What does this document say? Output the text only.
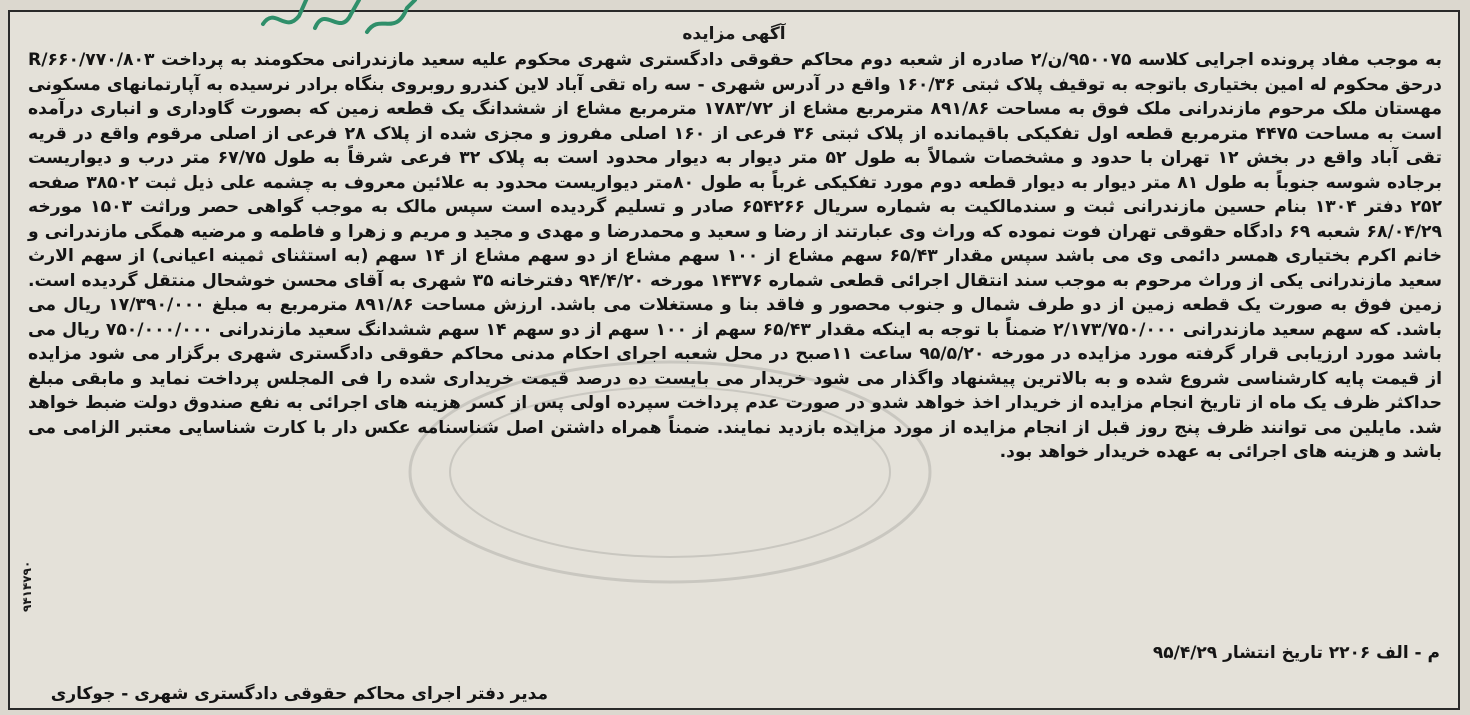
آگهی مزایده
به موجب مفاد پرونده اجرایی کلاسه ۹۵۰۰۷۵/ن/۲ صادره از شعبه دوم محاکم حقوقی دادگستری شهری محکوم علیه سعید مازندرانی محکومند به پرداخت ۶۶۰/۷۷۰/۸۰۳/R درحق محکوم له امین بختیاری باتوجه به توقیف پلاک ثبتی ۱۶۰/۳۶ واقع در آدرس شهری - سه راه تقی آباد لاین کندرو روبروی بنگاه برادر نرسیده به آپارتمانهای مسکونی مهستان ملک مرحوم مازندرانی ملک فوق به مساحت ۸۹۱/۸۶ مترمربع مشاع از ۱۷۸۳/۷۲ مترمربع مشاع از ششدانگ یک قطعه زمین که بصورت گاوداری و انباری درآمده است به مساحت ۴۴۷۵ مترمربع قطعه اول تفکیکی باقیمانده از پلاک ثبتی ۳۶ فرعی از ۱۶۰ اصلی مفروز و مجزی شده از پلاک ۲۸ فرعی از اصلی مرقوم واقع در قریه تقی آباد واقع در بخش ۱۲ تهران با حدود و مشخصات شمالاً به طول ۵۲ متر دیوار به دیوار محدود است به پلاک ۳۲ فرعی شرقاً به طول ۶۷/۷۵ متر درب و دیواریست برجاده شوسه جنوباً به طول ۸۱ متر دیوار به دیوار قطعه دوم مورد تفکیکی غرباً به طول ۸۰متر دیواریست محدود به علائین معروف به چشمه علی ذیل ثبت ۳۸۵۰۲ صفحه ۲۵۲ دفتر ۱۳۰۴ بنام حسین مازندرانی ثبت و سندمالکیت به شماره سریال ۶۵۴۲۶۶ صادر و تسلیم گردیده است سپس مالک به موجب گواهی حصر وراثت ۱۵۰۳ مورخه ۶۸/۰۴/۲۹ شعبه ۶۹ دادگاه حقوقی تهران فوت نموده که وراث وی عبارتند از رضا و سعید و محمدرضا و مهدی و مجید و مریم و زهرا و فاطمه و مرضیه همگی مازندرانی و خانم اکرم بختیاری همسر دائمی وی می باشد سپس مقدار ۶۵/۴۳ سهم مشاع از ۱۰۰ سهم مشاع از دو سهم مشاع از ۱۴ سهم (به استثنای ثمینه اعیانی) از سهم الارث سعید مازندرانی یکی از وراث مرحوم به موجب سند انتقال اجرائی قطعی شماره ۱۴۳۷۶ مورخه ۹۴/۴/۲۰ دفترخانه ۳۵ شهری به آقای محسن خوشحال منتقل گردیده است. زمین فوق به صورت یک قطعه زمین از دو طرف شمال و جنوب محصور و فاقد بنا و مستغلات می باشد. ارزش مساحت ۸۹۱/۸۶ مترمربع به مبلغ ۱۷/۳۹۰/۰۰۰ ریال می باشد. که سهم سعید مازندرانی ۲/۱۷۳/۷۵۰/۰۰۰ ضمناً با توجه به اینکه مقدار ۶۵/۴۳ سهم از ۱۰۰ سهم از دو سهم ۱۴ سهم ششدانگ سعید مازندرانی ۷۵۰/۰۰۰/۰۰۰ ریال می باشد مورد ارزیابی قرار گرفته مورد مزایده در مورخه ۹۵/۵/۲۰ ساعت ۱۱صبح در محل شعبه اجرای احکام مدنی محاکم حقوقی دادگستری شهری برگزار می شود مزایده از قیمت پایه کارشناسی شروع شده و به بالاترین پیشنهاد واگذار می شود خریدار می بایست ده درصد قیمت خریداری شده را فی المجلس پرداخت نماید و مابقی مبلغ حداکثر ظرف یک ماه از تاریخ انجام مزایده از خریدار اخذ خواهد شدو در صورت عدم پرداخت سپرده اولی پس از کسر هزینه های اجرائی به نفع صندوق دولت ضبط خواهد شد. مایلین می توانند ظرف پنج روز قبل از انجام مزایده از مورد مزایده بازدید نمایند. ضمناً همراه داشتن اصل شناسنامه عکس دار با کارت شناسایی معتبر الزامی می باشد و هزینه های اجرائی به عهده خریدار خواهد بود.
م - الف ۲۲۰۶ تاریخ انتشار ۹۵/۴/۲۹
مدیر دفتر اجرای محاکم حقوقی دادگستری شهری - جوکاری
۹۴۱۴۷۹۰
